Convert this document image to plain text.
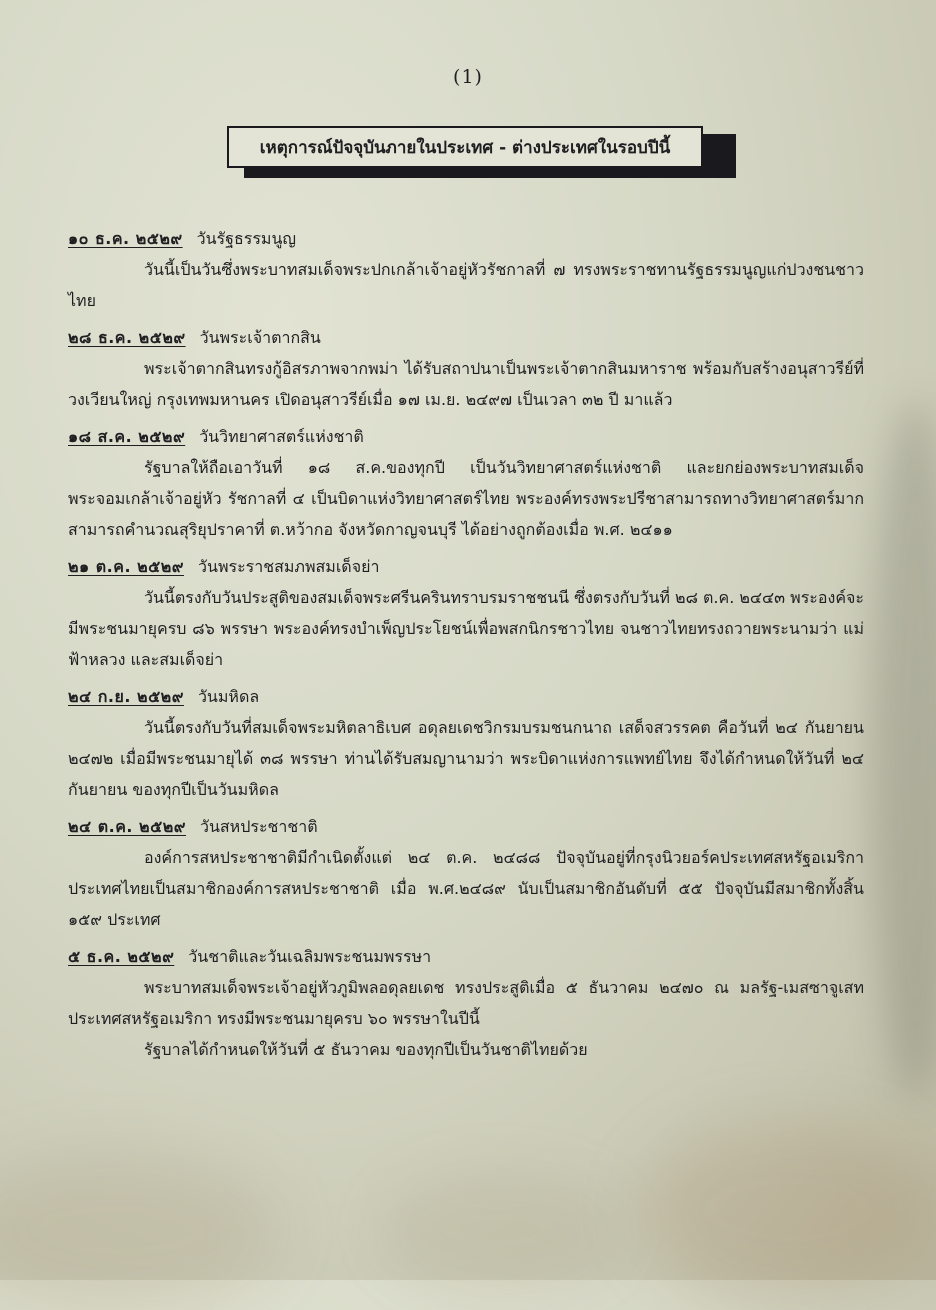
(1)
เหตุการณ์ปัจจุบันภายในประเทศ - ต่างประเทศในรอบปีนี้
๑๐ ธ.ค. ๒๕๒๙ วันรัฐธรรมนูญ
วันนี้เป็นวันซึ่งพระบาทสมเด็จพระปกเกล้าเจ้าอยู่หัวรัชกาลที่ ๗ ทรงพระราชทานรัฐธรรมนูญแก่ปวงชนชาวไทย
๒๘ ธ.ค. ๒๕๒๙ วันพระเจ้าตากสิน
พระเจ้าตากสินทรงกู้อิสรภาพจากพม่า ได้รับสถาปนาเป็นพระเจ้าตากสินมหาราช พร้อมกับสร้างอนุสาวรีย์ที่วงเวียนใหญ่ กรุงเทพมหานคร เปิดอนุสาวรีย์เมื่อ ๑๗ เม.ย. ๒๔๙๗ เป็นเวลา ๓๒ ปี มาแล้ว
๑๘ ส.ค. ๒๕๒๙ วันวิทยาศาสตร์แห่งชาติ
รัฐบาลให้ถือเอาวันที่ ๑๘ ส.ค.ของทุกปี เป็นวันวิทยาศาสตร์แห่งชาติ และยกย่องพระบาทสมเด็จพระจอมเกล้าเจ้าอยู่หัว รัชกาลที่ ๔ เป็นบิดาแห่งวิทยาศาสตร์ไทย พระองค์ทรงพระปรีชาสามารถทางวิทยาศาสตร์มาก สามารถคำนวณสุริยุปราคาที่ ต.หว้ากอ จังหวัดกาญจนบุรี ได้อย่างถูกต้องเมื่อ พ.ศ. ๒๔๑๑
๒๑ ต.ค. ๒๕๒๙ วันพระราชสมภพสมเด็จย่า
วันนี้ตรงกับวันประสูติของสมเด็จพระศรีนครินทราบรมราชชนนี ซึ่งตรงกับวันที่ ๒๘ ต.ค. ๒๔๔๓ พระองค์จะมีพระชนมายุครบ ๘๖ พรรษา พระองค์ทรงบำเพ็ญประโยชน์เพื่อพสกนิกรชาวไทย จนชาวไทยทรงถวายพระนามว่า แม่ฟ้าหลวง และสมเด็จย่า
๒๔ ก.ย. ๒๕๒๙ วันมหิดล
วันนี้ตรงกับวันที่สมเด็จพระมหิตลาธิเบศ อดุลยเดชวิกรมบรมชนกนาถ เสด็จสวรรคต คือวันที่ ๒๔ กันยายน ๒๔๗๒ เมื่อมีพระชนมายุได้ ๓๘ พรรษา ท่านได้รับสมญานามว่า พระบิดาแห่งการแพทย์ไทย จึงได้กำหนดให้วันที่ ๒๔ กันยายน ของทุกปีเป็นวันมหิดล
๒๔ ต.ค. ๒๕๒๙ วันสหประชาชาติ
องค์การสหประชาชาติมีกำเนิดตั้งแต่ ๒๔ ต.ค. ๒๔๘๘ ปัจจุบันอยู่ที่กรุงนิวยอร์คประเทศสหรัฐอเมริกา ประเทศไทยเป็นสมาชิกองค์การสหประชาชาติ เมื่อ พ.ศ.๒๔๘๙ นับเป็นสมาชิกอันดับที่ ๕๕ ปัจจุบันมีสมาชิกทั้งสิ้น ๑๕๙ ประเทศ
๕ ธ.ค. ๒๕๒๙ วันชาติและวันเฉลิมพระชนมพรรษา
พระบาทสมเด็จพระเจ้าอยู่หัวภูมิพลอดุลยเดช ทรงประสูติเมื่อ ๕ ธันวาคม ๒๔๗๐ ณ มลรัฐ-เมสซาจูเสท ประเทศสหรัฐอเมริกา ทรงมีพระชนมายุครบ ๖๐ พรรษาในปีนี้
รัฐบาลได้กำหนดให้วันที่ ๕ ธันวาคม ของทุกปีเป็นวันชาติไทยด้วย
